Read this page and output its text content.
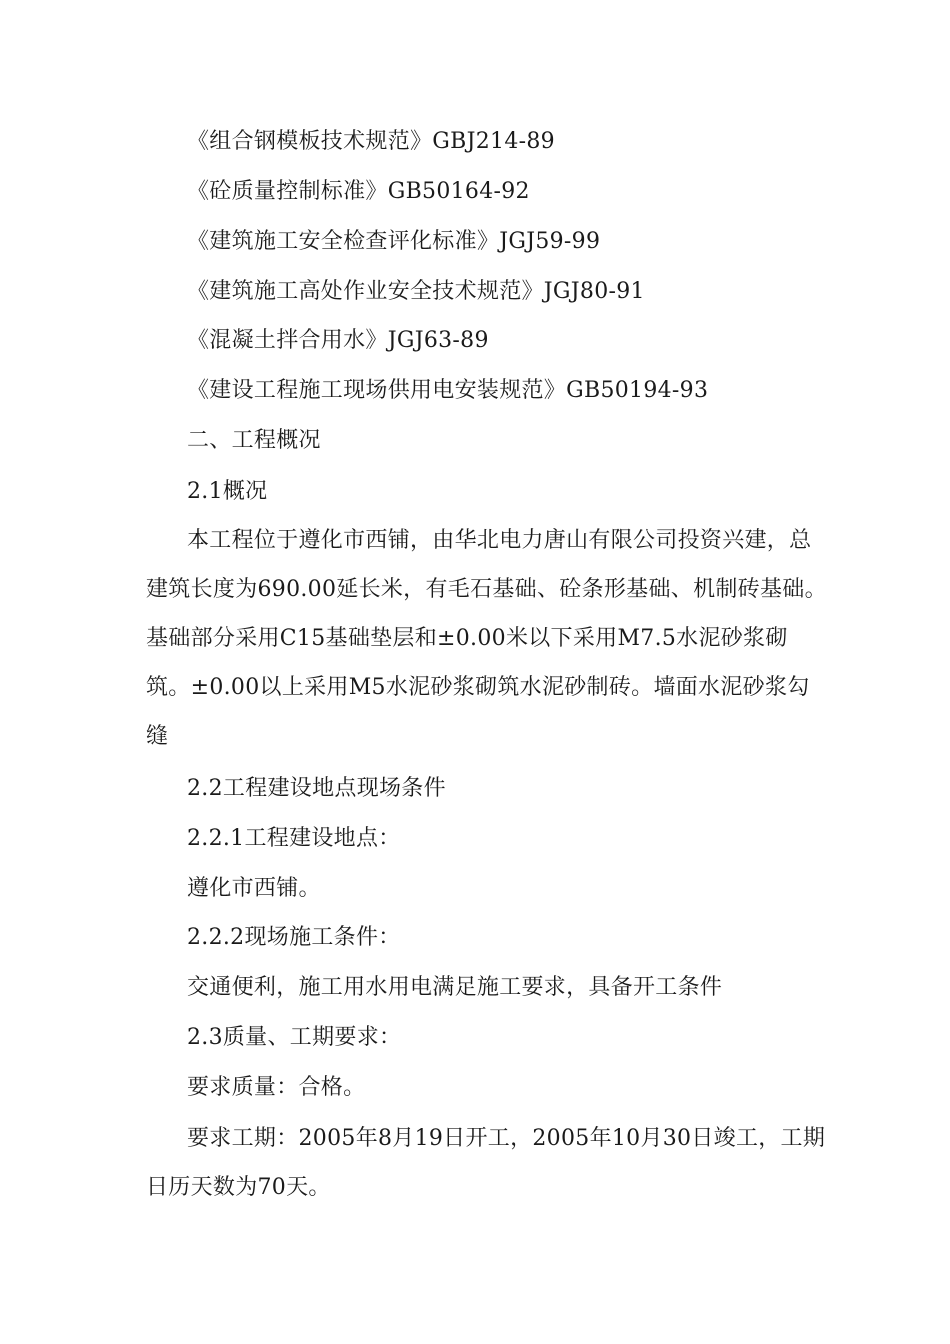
《组合钢模板技术规范》GBJ214-89
《砼质量控制标准》GB50164-92
《建筑施工安全检查评化标准》JGJ59-99
《建筑施工高处作业安全技术规范》JGJ80-91
《混凝土拌合用水》JGJ63-89
《建设工程施工现场供用电安装规范》GB50194-93
二、工程概况
2.1概况
本工程位于遵化市西铺，由华北电力唐山有限公司投资兴建，总
建筑长度为690.00延长米，有毛石基础、砼条形基础、机制砖基础。
基础部分采用C15基础垫层和±0.00米以下采用M7.5水泥砂浆砌
筑。±0.00以上采用M5水泥砂浆砌筑水泥砂制砖。墙面水泥砂浆勾
缝
2.2工程建设地点现场条件
2.2.1工程建设地点：
遵化市西铺。
2.2.2现场施工条件：
交通便利，施工用水用电满足施工要求，具备开工条件
2.3质量、工期要求：
要求质量：合格。
要求工期：2005年8月19日开工，2005年10月30日竣工，工期
日历天数为70天。
